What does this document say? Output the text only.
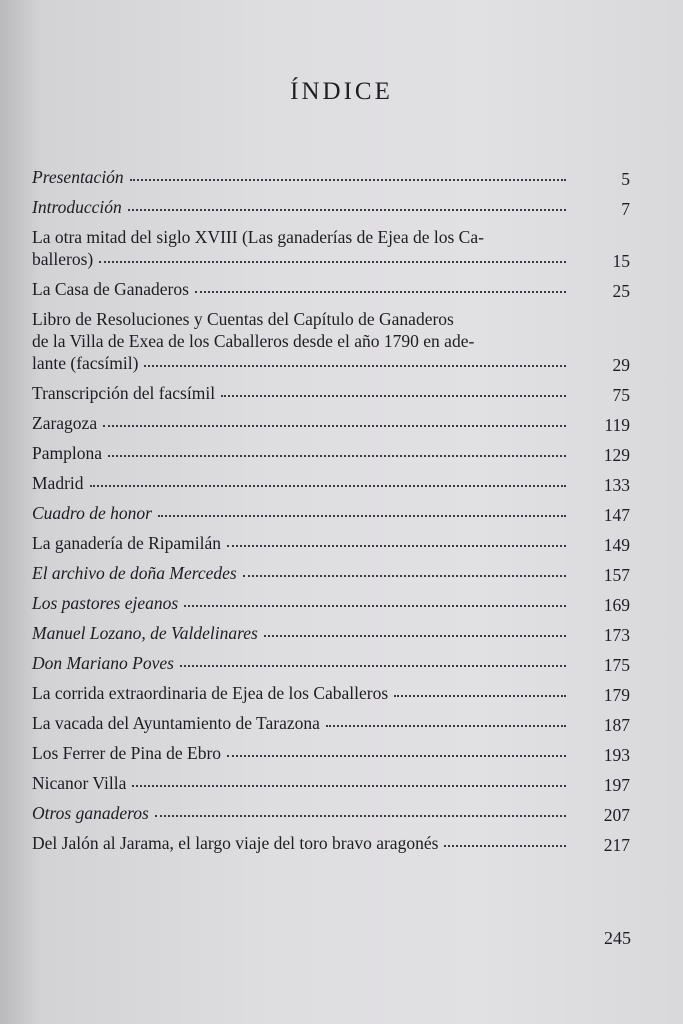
ÍNDICE
Presentación	5
Introducción	7
La otra mitad del siglo XVIII (Las ganaderías de Ejea de los Ca-
balleros)	15
La Casa de Ganaderos	25
Libro de Resoluciones y Cuentas del Capítulo de Ganaderos
de la Villa de Exea de los Caballeros desde el año 1790 en ade-
lante (facsímil)	29
Transcripción del facsímil	75
Zaragoza	119
Pamplona	129
Madrid	133
Cuadro de honor	147
La ganadería de Ripamilán	149
El archivo de doña Mercedes	157
Los pastores ejeanos	169
Manuel Lozano, de Valdelinares	173
Don Mariano Poves	175
La corrida extraordinaria de Ejea de los Caballeros	179
La vacada del Ayuntamiento de Tarazona	187
Los Ferrer de Pina de Ebro	193
Nicanor Villa	197
Otros ganaderos	207
Del Jalón al Jarama, el largo viaje del toro bravo aragonés	217
245
